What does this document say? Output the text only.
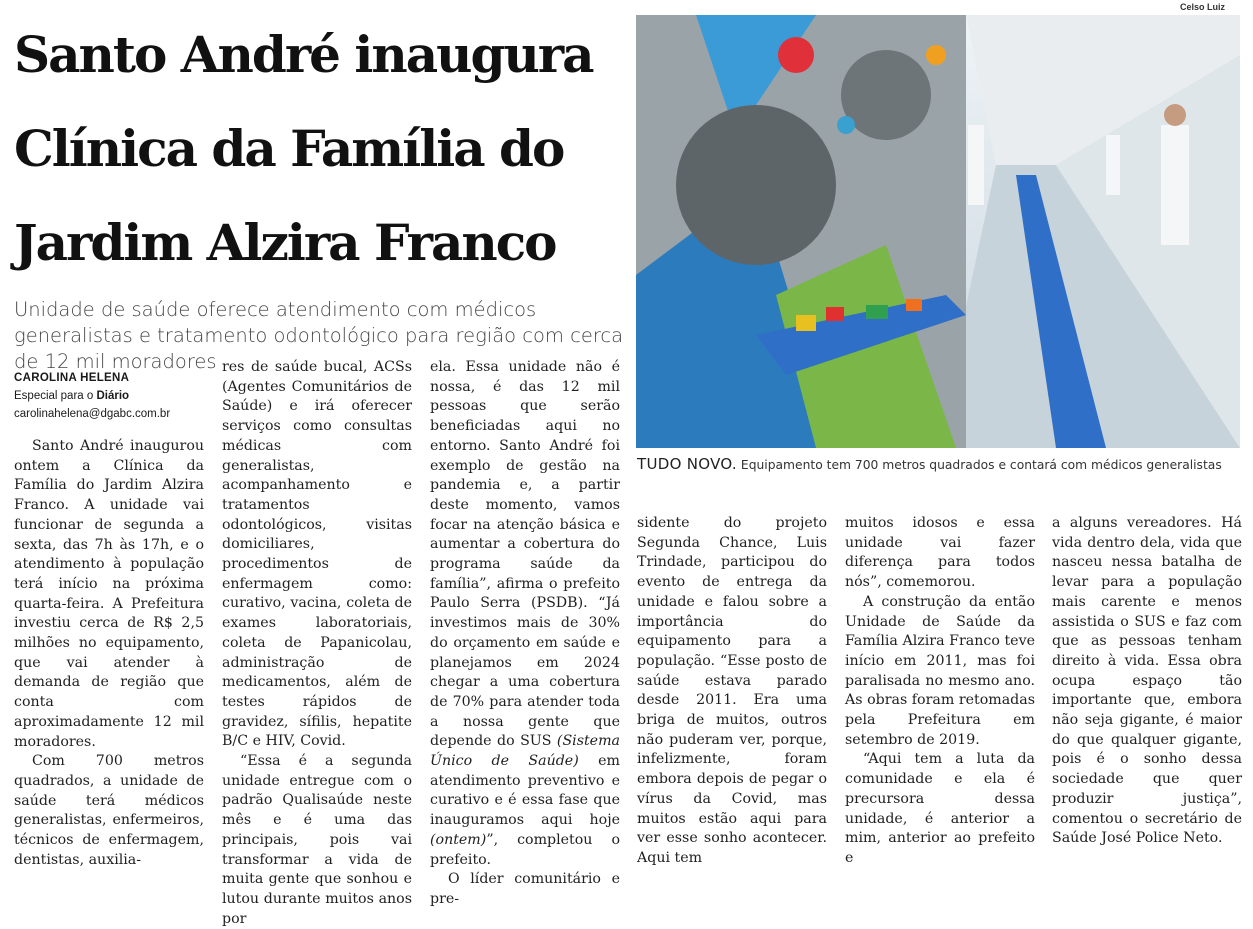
Santo André inaugura Clínica da Família do Jardim Alzira Franco

Unidade de saúde oferece atendimento com médicos generalistas e tratamento odontológico para região com cerca de 12 mil moradores

CAROLINA HELENA
Especial para o Diário
carolinahelena@dgabc.com.br

Santo André inaugurou ontem a Clínica da Família do Jardim Alzira Franco. A unidade vai funcionar de segunda a sexta, das 7h às 17h, e o atendimento à população terá início na próxima quarta-feira. A Prefeitura investiu cerca de R$ 2,5 milhões no equipamento, que vai atender à demanda de região que conta com aproximadamente 12 mil moradores.

Com 700 metros quadrados, a unidade de saúde terá médicos generalistas, enfermeiros, técnicos de enfermagem, dentistas, auxilia-

res de saúde bucal, ACSs (Agentes Comunitários de Saúde) e irá oferecer serviços como consultas médicas com generalistas, acompanhamento e tratamentos odontológicos, visitas domiciliares, procedimentos de enfermagem como: curativo, vacina, coleta de exames laboratoriais, coleta de Papanicolau, administração de medicamentos, além de testes rápidos de gravidez, sífilis, hepatite B/C e HIV, Covid.

“Essa é a segunda unidade entregue com o padrão Qualisaúde neste mês e é uma das principais, pois vai transformar a vida de muita gente que sonhou e lutou durante muitos anos por

ela. Essa unidade não é nossa, é das 12 mil pessoas que serão beneficiadas aqui no entorno. Santo André foi exemplo de gestão na pandemia e, a partir deste momento, vamos focar na atenção básica e aumentar a cobertura do programa saúde da família”, afirma o prefeito Paulo Serra (PSDB). “Já investimos mais de 30% do orçamento em saúde e planejamos em 2024 chegar a uma cobertura de 70% para atender toda a nossa gente que depende do SUS (Sistema Único de Saúde) em atendimento preventivo e curativo e é essa fase que inauguramos aqui hoje (ontem)”, completou o prefeito.

O líder comunitário e pre-

Celso Luiz
TUDO NOVO. Equipamento tem 700 metros quadrados e contará com médicos generalistas

sidente do projeto Segunda Chance, Luis Trindade, participou do evento de entrega da unidade e falou sobre a importância do equipamento para a população. “Esse posto de saúde estava parado desde 2011. Era uma briga de muitos, outros não puderam ver, porque, infelizmente, foram embora depois de pegar o vírus da Covid, mas muitos estão aqui para ver esse sonho acontecer. Aqui tem

muitos idosos e essa unidade vai fazer diferença para todos nós”, comemorou.

A construção da então Unidade de Saúde da Família Alzira Franco teve início em 2011, mas foi paralisada no mesmo ano. As obras foram retomadas pela Prefeitura em setembro de 2019.

“Aqui tem a luta da comunidade e ela é precursora dessa unidade, é anterior a mim, anterior ao prefeito e

a alguns vereadores. Há vida dentro dela, vida que nasceu nessa batalha de levar para a população mais carente e menos assistida o SUS e faz com que as pessoas tenham direito à vida. Essa obra ocupa espaço tão importante que, embora não seja gigante, é maior do que qualquer gigante, pois é o sonho dessa sociedade que quer produzir justiça”, comentou o secretário de Saúde José Police Neto.
